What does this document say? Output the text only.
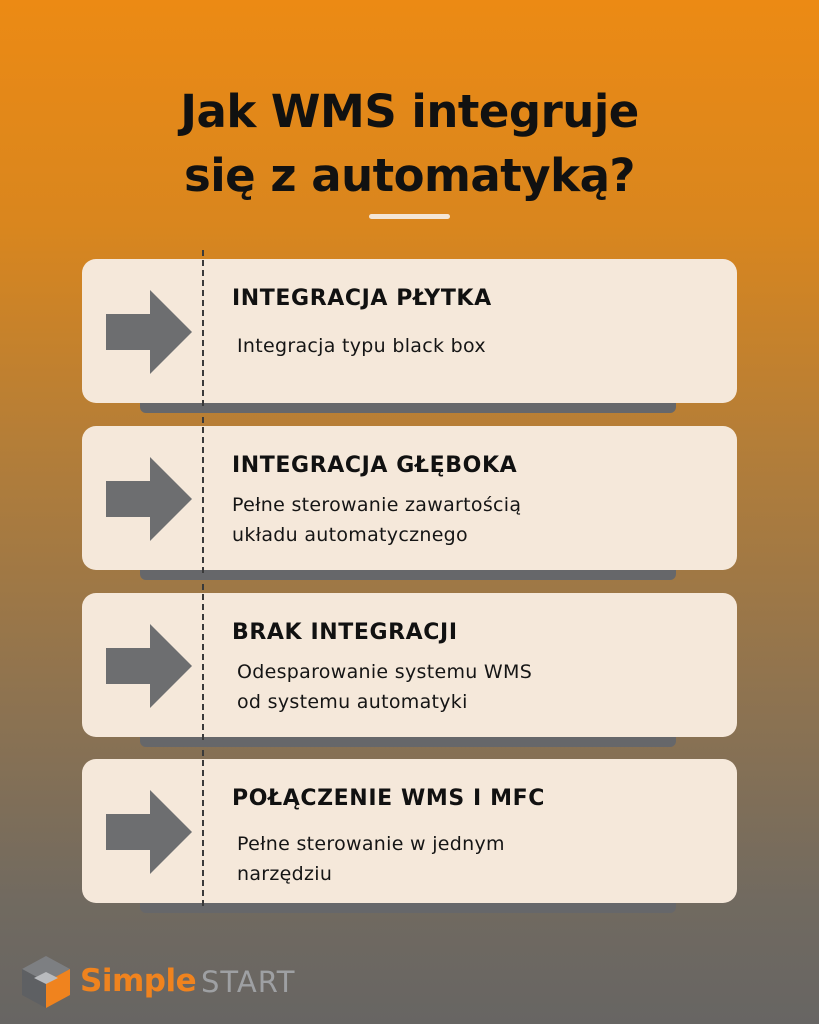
Jak WMS integruje
się z automatyką?
INTEGRACJA PŁYTKA
Integracja typu black box
INTEGRACJA GŁĘBOKA
Pełne sterowanie zawartością
układu automatycznego
BRAK INTEGRACJI
Odesparowanie systemu WMS
od systemu automatyki
POŁĄCZENIE WMS I MFC
Pełne sterowanie w jednym
narzędziu
Simple START
